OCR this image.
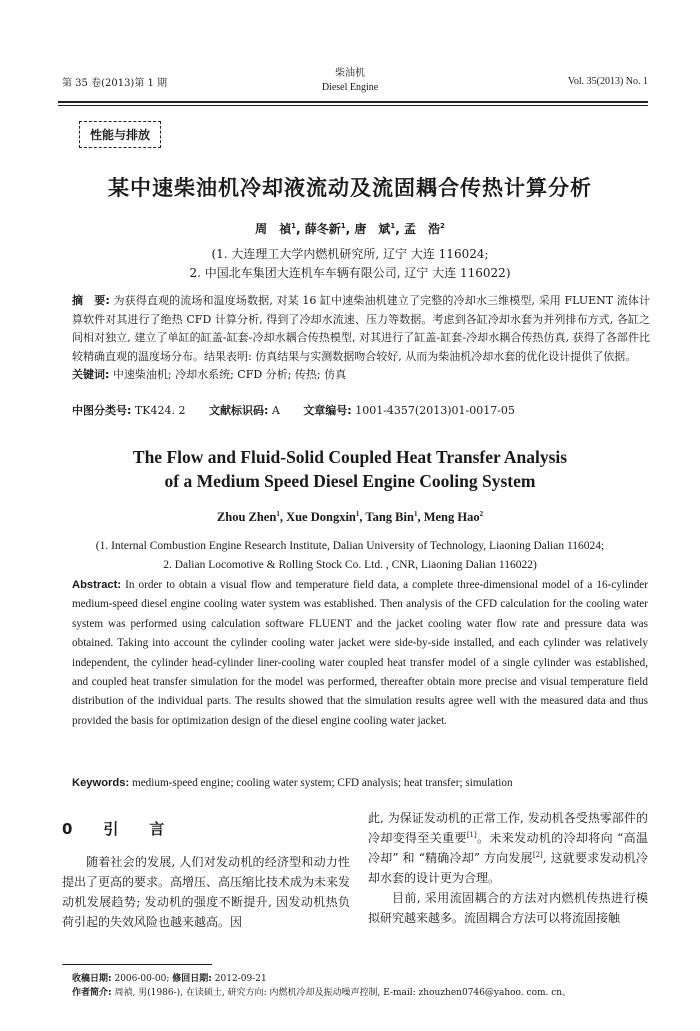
第 35 卷(2013)第 1 期
柴油机
Diesel Engine
Vol. 35(2013) No. 1
性能与排放
某中速柴油机冷却液流动及流固耦合传热计算分析
周　禎$^1$, 薛冬新$^1$, 唐　斌$^1$, 孟　浩$^2$
(1. 大连理工大学内燃机研究所, 辽宁 大连 116024;
2. 中国北车集团大连机车车辆有限公司, 辽宁 大连 116022)
摘　要: 为获得直观的流场和温度场数据, 对某 16 缸中速柴油机建立了完整的冷却水三维模型, 采用 FLUENT 流体计算软件对其进行了绝热 CFD 计算分析, 得到了冷却水流速、压力等数据。考虑到各缸冷却水套为并列排布方式, 各缸之间相对独立, 建立了单缸的缸盖-缸套-冷却水耦合传热模型, 对其进行了缸盖-缸套-冷却水耦合传热仿真, 获得了各部件比较精确直观的温度场分布。结果表明: 仿真结果与实测数据吻合较好, 从而为柴油机冷却水套的优化设计提供了依据。
关键词: 中速柴油机; 冷却水系统; CFD 分析; 传热; 仿真
中图分类号: TK424. 2 文献标识码: A 文章编号: 1001-4357(2013)01-0017-05
The Flow and Fluid-Solid Coupled Heat Transfer Analysis
of a Medium Speed Diesel Engine Cooling System
Zhou Zhen$^1$, Xue Dongxin$^1$, Tang Bin$^1$, Meng Hao$^2$
(1. Internal Combustion Engine Research Institute, Dalian University of Technology, Liaoning Dalian 116024;
2. Dalian Locomotive & Rolling Stock Co. Ltd. , CNR, Liaoning Dalian 116022)
Abstract: In order to obtain a visual flow and temperature field data, a complete three-dimensional model of a 16-cylinder medium-speed diesel engine cooling water system was established. Then analysis of the CFD calculation for the cooling water system was performed using calculation software FLUENT and the jacket cooling water flow rate and pressure data was obtained. Taking into account the cylinder cooling water jacket were side-by-side installed, and each cylinder was relatively independent, the cylinder head-cylinder liner-cooling water coupled heat transfer model of a single cylinder was established, and coupled heat transfer simulation for the model was performed, thereafter obtain more precise and visual temperature field distribution of the individual parts. The results showed that the simulation results agree well with the measured data and thus provided the basis for optimization design of the diesel engine cooling water jacket.
Keywords: medium-speed engine; cooling water system; CFD analysis; heat transfer; simulation
0　引　言

随着社会的发展, 人们对发动机的经济型和动力性提出了更高的要求。高增压、高压缩比技术成为未来发动机发展趋势; 发动机的强度不断提升, 因发动机热负荷引起的失效风险也越来越高。因

此, 为保证发动机的正常工作, 发动机各受热零部件的冷却变得至关重要[1]。未来发动机的冷却将向 “高温冷却” 和 “精确冷却” 方向发展[2], 这就要求发动机冷却水套的设计更为合理。

目前, 采用流固耦合的方法对内燃机传热进行模拟研究越来越多。流固耦合方法可以将流固接触

收稿日期: 2006-00-00; 修回日期: 2012-09-21
作者简介: 周禎, 男(1986-), 在读硕士, 研究方向: 内燃机冷却及振动噪声控制, E-mail: zhouzhen0746@yahoo. com. cn。
